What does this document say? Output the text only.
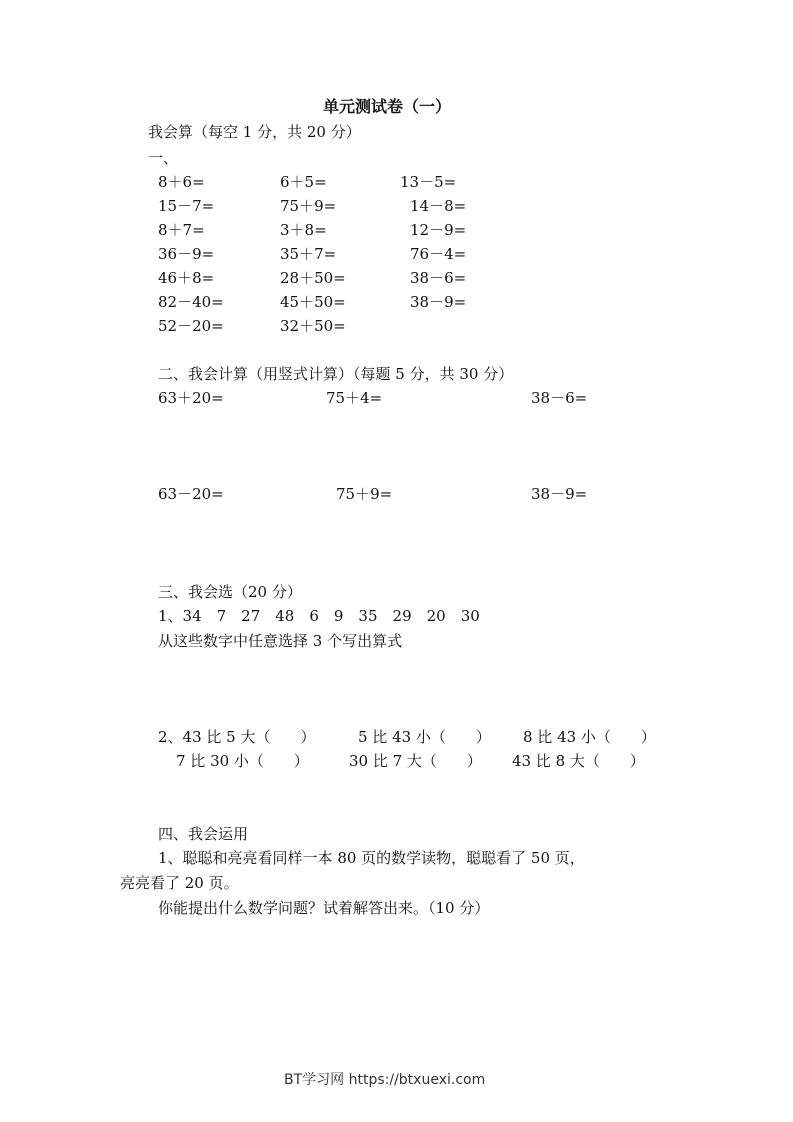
单元测试卷（一）
我会算（每空 1 分，共 20 分）
一、
8＋6=	6＋5=	13－5=
15－7=	75＋9=	14－8=
8＋7=	3＋8=	12－9=
36－9=	35＋7=	76－4=
46＋8=	28＋50=	38－6=
82－40=	45＋50=	38－9=
52－20=	32＋50=
二、我会计算（用竖式计算）（每题 5 分，共 30 分）
63＋20=	75＋4=	38－6=
63－20=	75＋9=	38－9=
三、我会选（20 分）
1、34　7　27　48　6　9　35　29　20　30
从这些数字中任意选择 3 个写出算式
2、43 比 5 大（　　）	5 比 43 小（　　） 8 比 43 小（　　）
7 比 30 小（　　）	30 比 7 大（　　） 43 比 8 大（　　）
四、我会运用
1、聪聪和亮亮看同样一本 80 页的数学读物，聪聪看了 50 页，
亮亮看了 20 页。
你能提出什么数学问题？试着解答出来。（10 分）
BT学习网 https://btxuexi.com
